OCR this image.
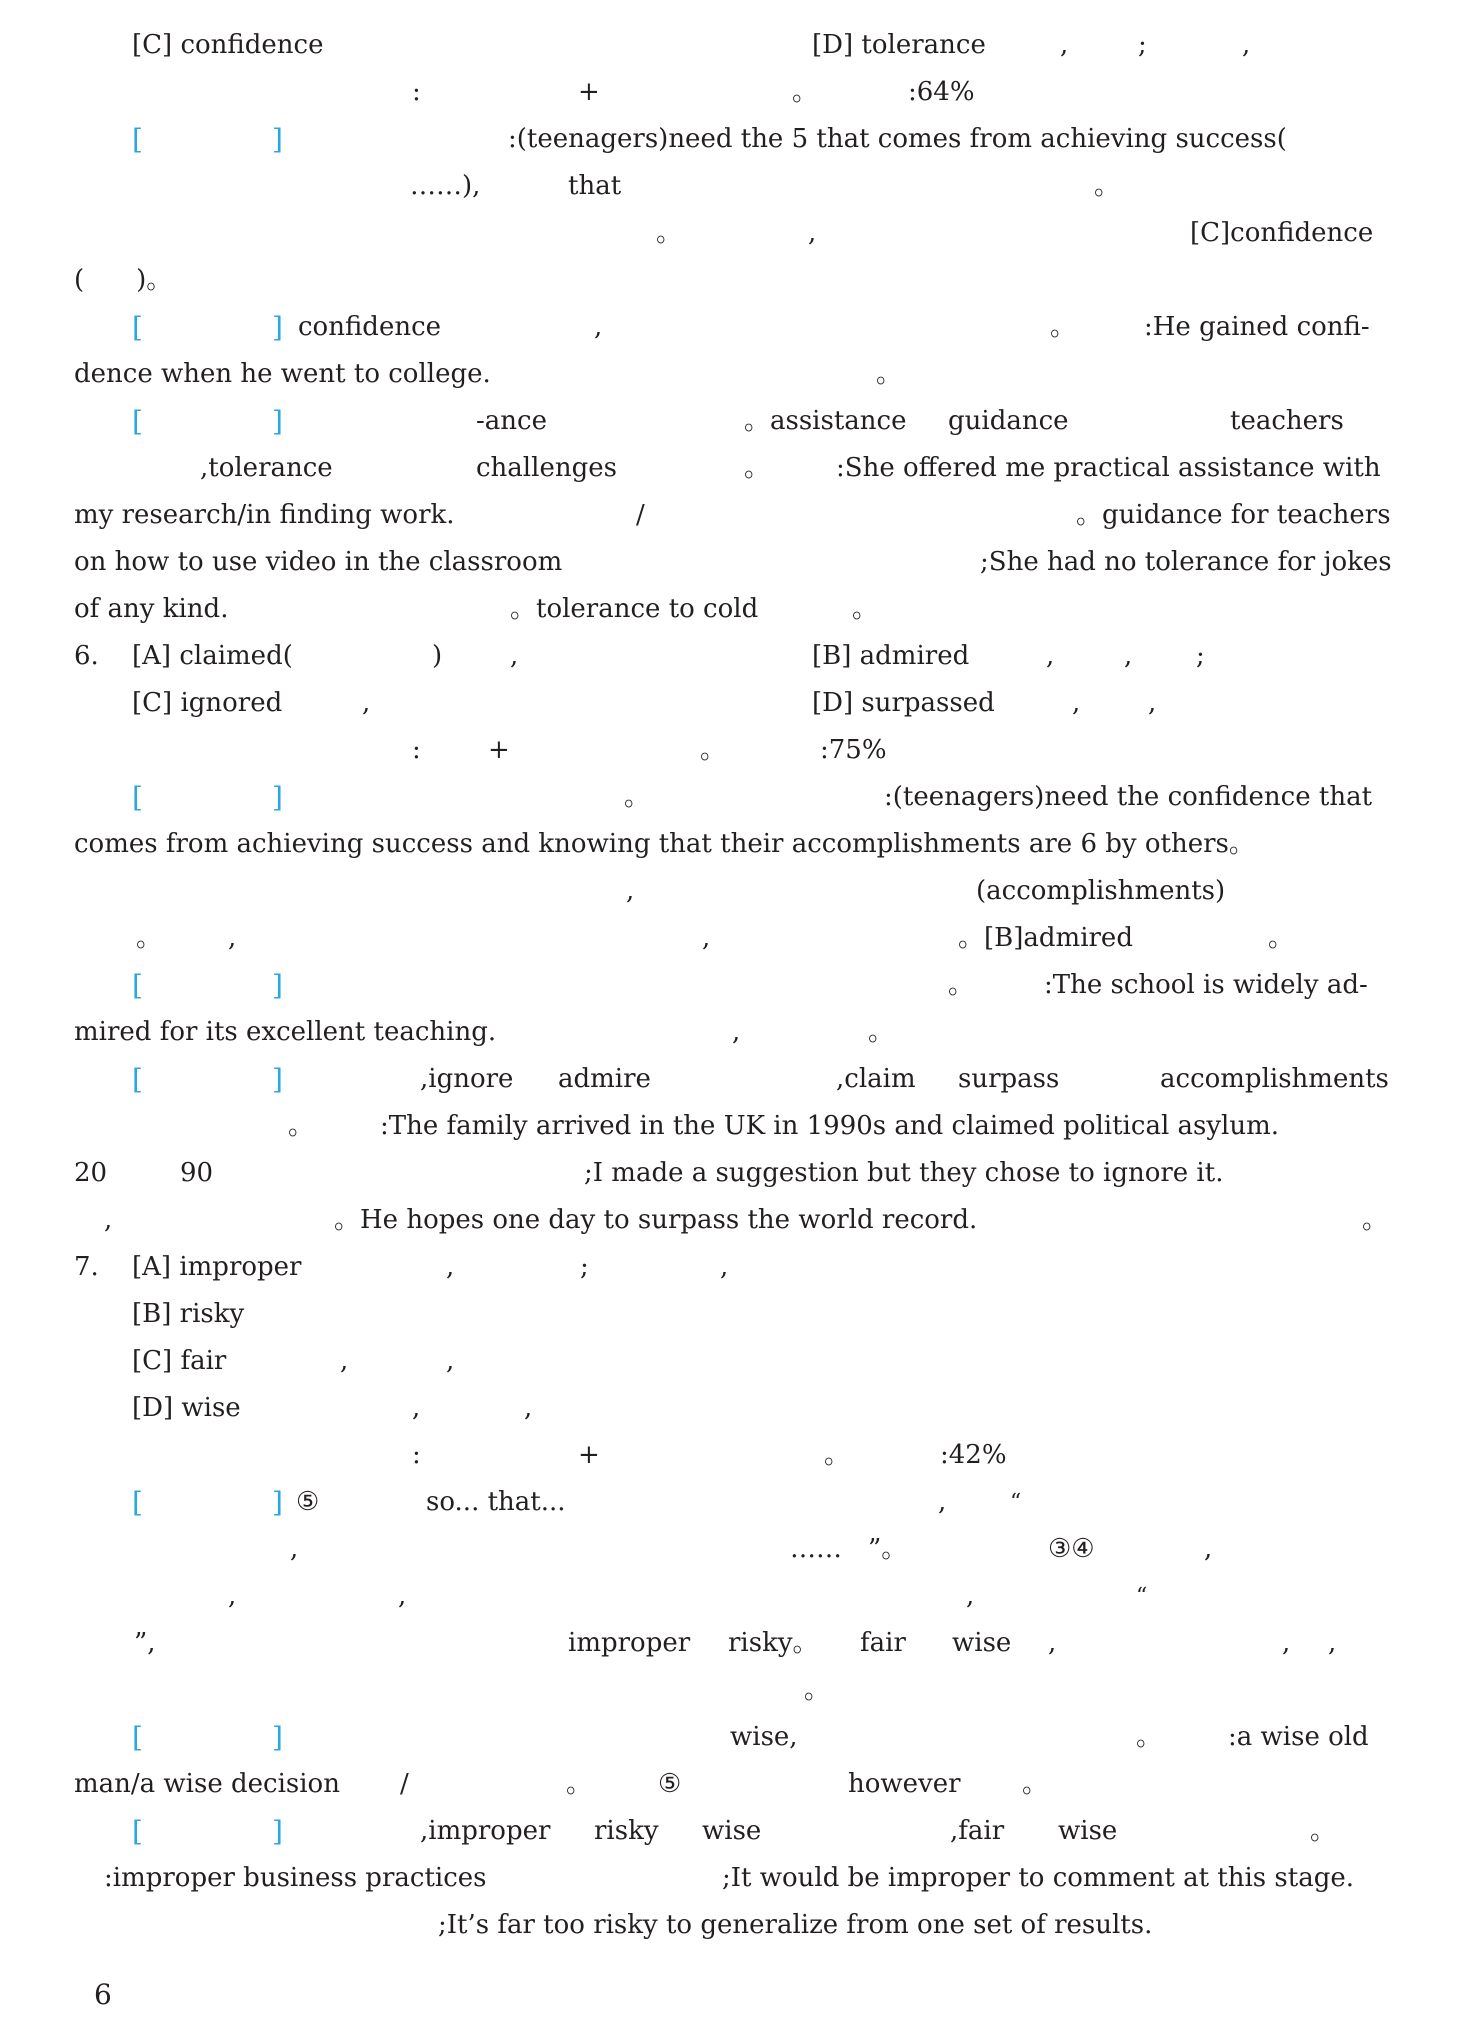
[C] confidence	[D] tolerance	,	;	,
:	+	。	:64%
[	]	:(teenagers)need the 5 that comes from achieving success(
……),	that	。
。	,	[C]confidence
(　　)。
[	] confidence	,	。	:He gained confi-
dence when he went to college.	。
[	]	-ance	。assistance guidance	teachers
,tolerance	challenges	。	:She offered me practical assistance with
my research/in finding work.	/	。guidance for teachers
on how to use video in the classroom	;She had no tolerance for jokes
of any kind.	。tolerance to cold	。
6. [A] claimed(	)	,	[B] admired	,	, ;
[C] ignored	,	[D] surpassed	,	,
:	+	。	:75%
[	]	。	:(teenagers)need the confidence that
comes from achieving success and knowing that their accomplishments are 6 by others。
,	(accomplishments)
。	,	,	。[B]admired	。
[	]	。	:The school is widely ad-
mired for its excellent teaching.	,	。
[	]	,ignore admire	,claim surpass	accomplishments
。	:The family arrived in the UK in 1990s and claimed political asylum.
20	90	;I made a suggestion but they chose to ignore it.
,	。He hopes one day to surpass the world record.	。
7. [A] improper	,	;	,
[B] risky
[C] fair	,	,
[D] wise	,	,
:	+	。	:42%
[	] ⑤	so... that...	,	“
,	……　”。	③④	,
,	,	,	“
”,	improper risky。 fair wise ,	, ,
。
[	]	wise,	。	:a wise old
man/a wise decision /	。	⑤	however 。
[	]	,improper risky wise	,fair wise	。
:improper business practices	;It would be improper to comment at this stage.
;It’s far too risky to generalize from one set of results.
6
